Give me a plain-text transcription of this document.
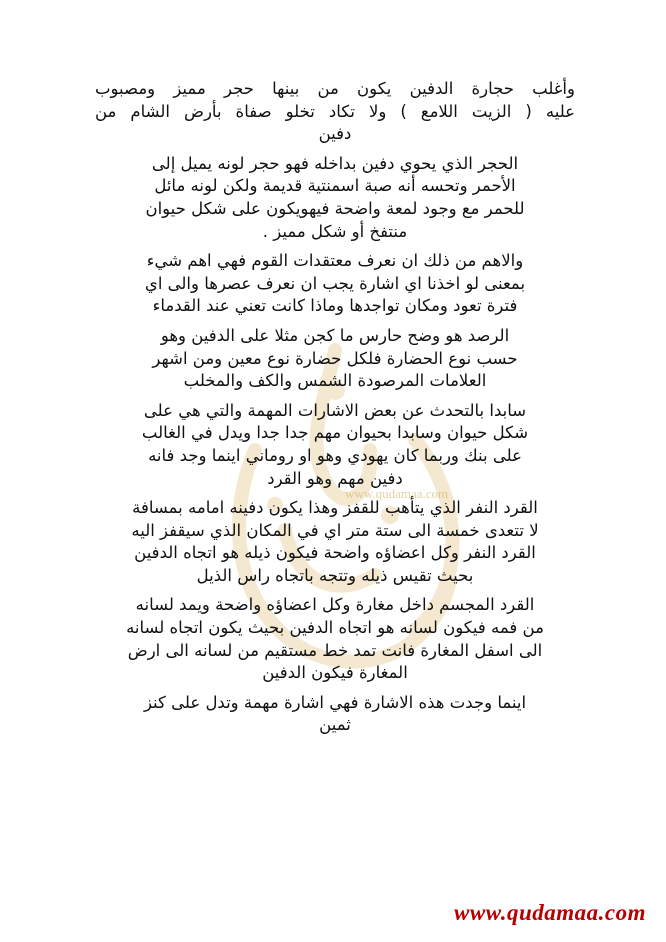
www.qudamaa.com
وأغلب حجارة الدفين يكون من بينها حجر مميز ومصبوب
عليه ( الزيت اللامع ) ولا تكاد تخلو صفاة بأرض الشام من
دفين
الحجر الذي يحوي دفين بداخله فهو حجر لونه يميل إلى
الأحمر وتحسه أنه صبة اسمنتية قديمة ولكن لونه مائل
للحمر مع وجود لمعة واضحة فيهويكون على شكل حيوان
منتفخ أو شكل مميز .
والاهم من ذلك ان نعرف معتقدات القوم فهي اهم شيء
بمعنى لو اخذنا اي اشارة يجب ان نعرف عصرها والى اي
فترة تعود ومكان تواجدها وماذا كانت تعني عند القدماء
الرصد هو وضح حارس ما كجن مثلا على الدفين وهو
حسب نوع الحضارة فلكل حضارة نوع معين ومن اشهر
العلامات المرصودة الشمس والكف والمخلب
سابدا بالتحدث عن بعض الاشارات المهمة والتي هي على
شكل حيوان وسابدا بحيوان مهم جدا جدا ويدل في الغالب
على بنك وربما كان يهودي وهو او روماني اينما وجد فانه
دفين مهم وهو القرد
القرد النفر الذي يتأهب للقفز وهذا يكون دفينه امامه بمسافة
لا تتعدى خمسة الى ستة متر اي في المكان الذي سيقفز اليه
القرد النفر وكل اعضاؤه واضحة فيكون ذيله هو اتجاه الدفين
بحيث تقيس ذيله وتتجه باتجاه راس الذيل
القرد المجسم داخل مغارة وكل اعضاؤه واضحة ويمد لسانه
من فمه فيكون لسانه هو اتجاه الدفين بحيث يكون اتجاه لسانه
الى اسفل المغارة فانت تمد خط مستقيم من لسانه الى ارض
المغارة فيكون الدفين
اينما وجدت هذه الاشارة فهي اشارة مهمة وتدل على كنز
ثمين
www.qudamaa.com
